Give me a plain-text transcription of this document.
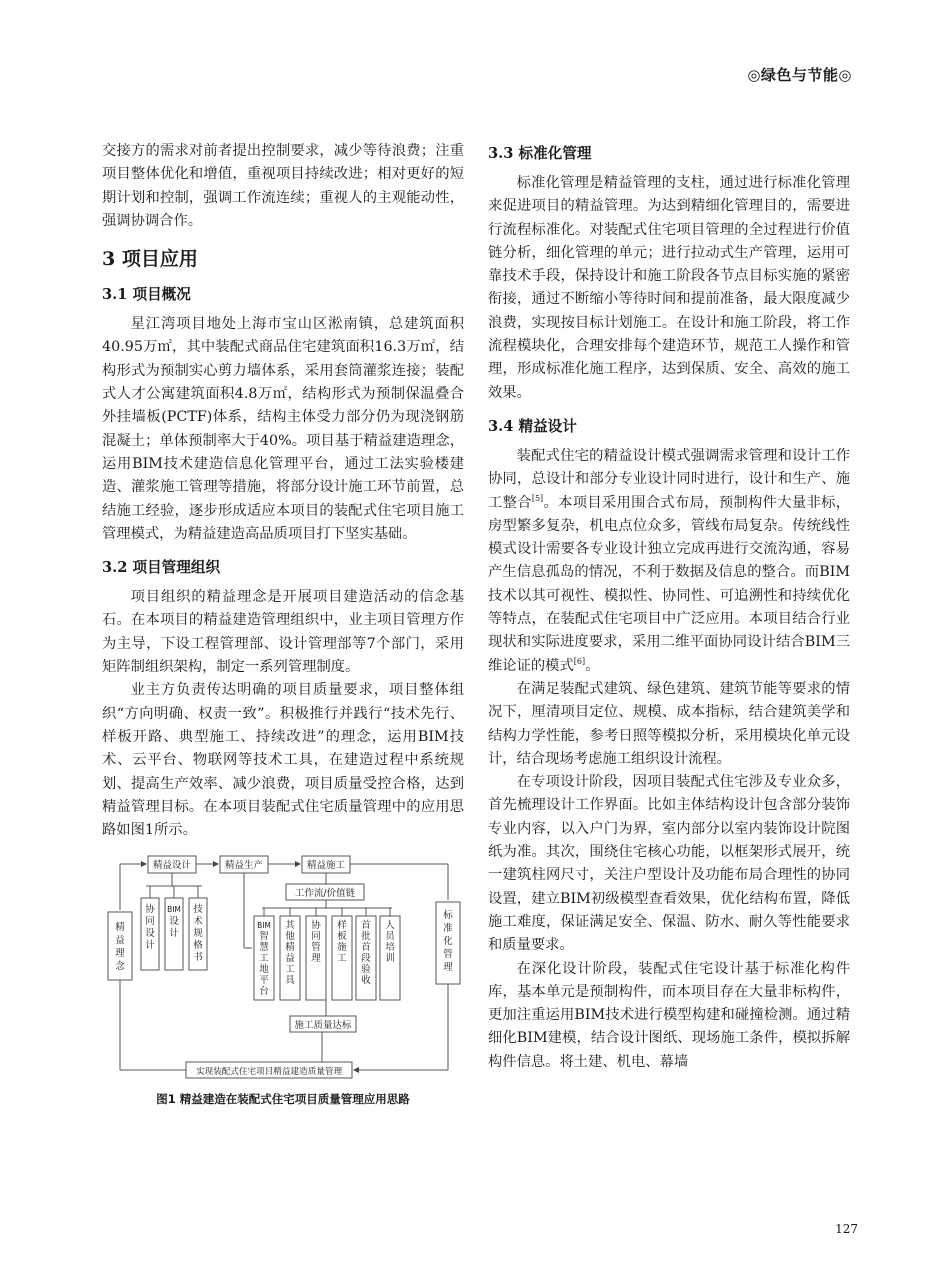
◎绿色与节能◎

交接方的需求对前者提出控制要求，减少等待浪费；注重项目整体优化和增值，重视项目持续改进；相对更好的短期计划和控制，强调工作流连续；重视人的主观能动性，强调协调合作。

3 项目应用
3.1 项目概况

星江湾项目地处上海市宝山区淞南镇，总建筑面积40.95万㎡，其中装配式商品住宅建筑面积16.3万㎡，结构形式为预制实心剪力墙体系，采用套筒灌浆连接；装配式人才公寓建筑面积4.8万㎡，结构形式为预制保温叠合外挂墙板(PCTF)体系，结构主体受力部分仍为现浇钢筋混凝土；单体预制率大于40%。项目基于精益建造理念，运用BIM技术建造信息化管理平台，通过工法实验楼建造、灌浆施工管理等措施，将部分设计施工环节前置，总结施工经验，逐步形成适应本项目的装配式住宅项目施工管理模式，为精益建造高品质项目打下坚实基础。

3.2 项目管理组织

项目组织的精益理念是开展项目建造活动的信念基石。在本项目的精益建造管理组织中，业主项目管理方作为主导，下设工程管理部、设计管理部等7个部门，采用矩阵制组织架构，制定一系列管理制度。

业主方负责传达明确的项目质量要求，项目整体组织“方向明确、权责一致”。积极推行并践行“技术先行、样板开路、典型施工、持续改进”的理念，运用BIM技术、云平台、物联网等技术工具，在建造过程中系统规划、提高生产效率、减少浪费，项目质量受控合格，达到精益管理目标。在本项目装配式住宅质量管理中的应用思路如图1所示。

精益设计	精益生产	精益施工
工作流/价值链
施工质量达标
实现装配式住宅项目精益建造质量管理
精益理念
标准化管理
协同设计
BIM 设计
技术规格书
BIM 智慧工地平台
其他精益工具
协同管理
样板施工
首批首段验收
人员培训
图1 精益建造在装配式住宅项目质量管理应用思路
3.3 标准化管理

标准化管理是精益管理的支柱，通过进行标准化管理来促进项目的精益管理。为达到精细化管理目的，需要进行流程标准化。对装配式住宅项目管理的全过程进行价值链分析，细化管理的单元；进行拉动式生产管理，运用可靠技术手段，保持设计和施工阶段各节点目标实施的紧密衔接，通过不断缩小等待时间和提前准备，最大限度减少浪费，实现按目标计划施工。在设计和施工阶段，将工作流程模块化，合理安排每个建造环节，规范工人操作和管理，形成标准化施工程序，达到保质、安全、高效的施工效果。

3.4 精益设计

装配式住宅的精益设计模式强调需求管理和设计工作协同，总设计和部分专业设计同时进行，设计和生产、施工整合[5]。本项目采用围合式布局，预制构件大量非标，房型繁多复杂，机电点位众多，管线布局复杂。传统线性模式设计需要各专业设计独立完成再进行交流沟通，容易产生信息孤岛的情况，不利于数据及信息的整合。而BIM技术以其可视性、模拟性、协同性、可追溯性和持续优化等特点，在装配式住宅项目中广泛应用。本项目结合行业现状和实际进度要求，采用二维平面协同设计结合BIM三维论证的模式[6]。

在满足装配式建筑、绿色建筑、建筑节能等要求的情况下，厘清项目定位、规模、成本指标，结合建筑美学和结构力学性能，参考日照等模拟分析，采用模块化单元设计，结合现场考虑施工组织设计流程。

在专项设计阶段，因项目装配式住宅涉及专业众多，首先梳理设计工作界面。比如主体结构设计包含部分装饰专业内容，以入户门为界，室内部分以室内装饰设计院图纸为准。其次，围绕住宅核心功能，以框架形式展开，统一建筑柱网尺寸，关注户型设计及功能布局合理性的协同设置，建立BIM初级模型查看效果，优化结构布置，降低施工难度，保证满足安全、保温、防水、耐久等性能要求和质量要求。

在深化设计阶段，装配式住宅设计基于标准化构件库，基本单元是预制构件，而本项目存在大量非标构件，更加注重运用BIM技术进行模型构建和碰撞检测。通过精细化BIM建模，结合设计图纸、现场施工条件，模拟拆解构件信息。将土建、机电、幕墙

127
